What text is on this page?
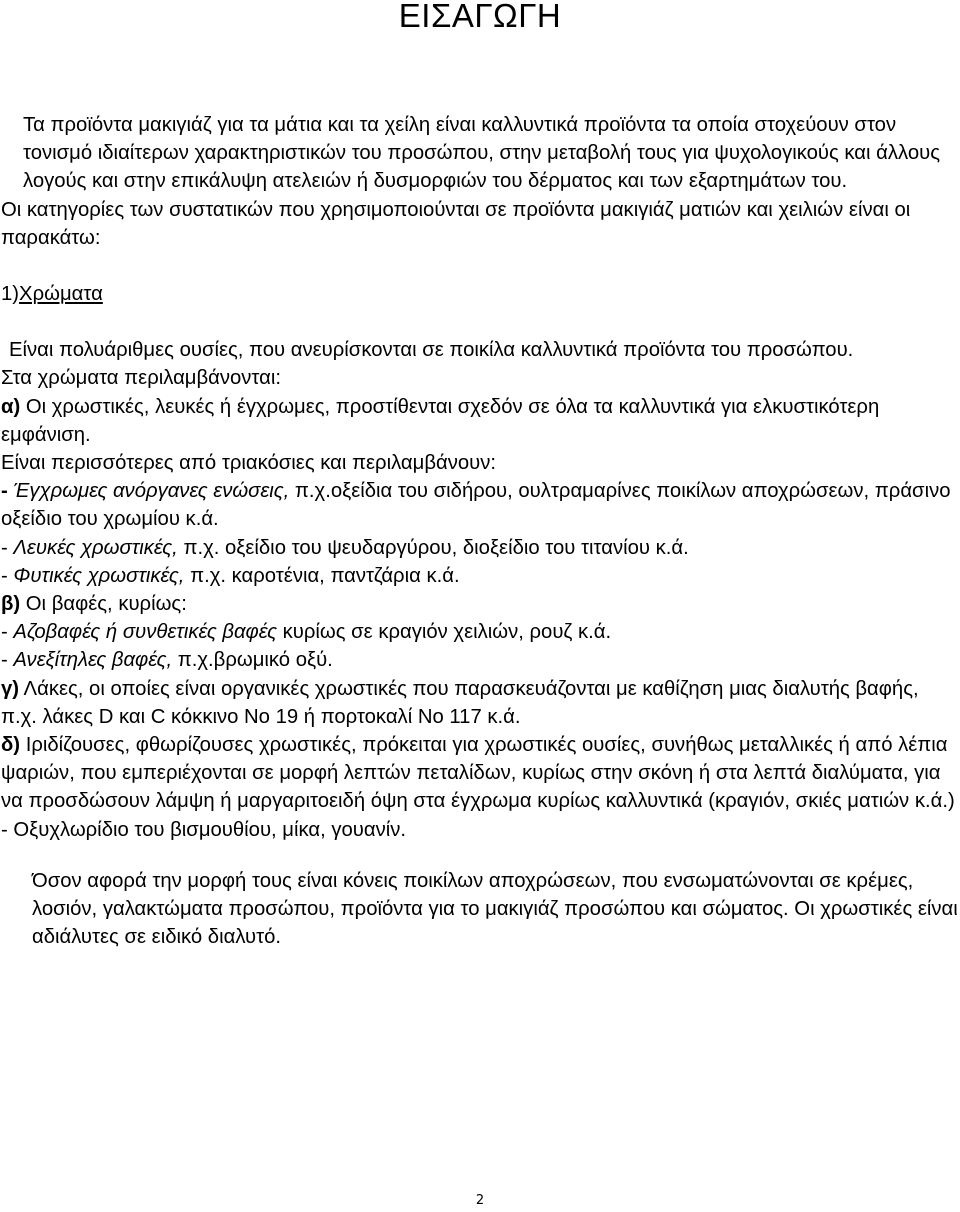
ΕΙΣΑΓΩΓΗ

Τα προϊόντα μακιγιάζ για τα μάτια και τα χείλη είναι καλλυντικά προϊόντα τα οποία στοχεύουν στον τονισμό ιδιαίτερων χαρακτηριστικών του προσώπου, στην μεταβολή τους για ψυχολογικούς και άλλους λογούς και στην επικάλυψη ατελειών ή δυσμορφιών του δέρματος και των εξαρτημάτων του.

Οι κατηγορίες των συστατικών που χρησιμοποιούνται σε προϊόντα μακιγιάζ ματιών και χειλιών είναι οι παρακάτω:

1)Χρώματα

Είναι πολυάριθμες ουσίες, που ανευρίσκονται σε ποικίλα καλλυντικά προϊόντα του προσώπου.

Στα χρώματα περιλαμβάνονται:

α) Οι χρωστικές, λευκές ή έγχρωμες, προστίθενται σχεδόν σε όλα τα καλλυντικά για ελκυστικότερη εμφάνιση.

Είναι περισσότερες από τριακόσιες και περιλαμβάνουν:

- Έγχρωμες ανόργανες ενώσεις, π.χ.οξείδια του σιδήρου, ουλτραμαρίνες ποικίλων αποχρώσεων, πράσινο οξείδιο του χρωμίου κ.ά.

- Λευκές χρωστικές, π.χ. οξείδιο του ψευδαργύρου, διοξείδιο του τιτανίου κ.ά.

- Φυτικές χρωστικές, π.χ. καροτένια, παντζάρια κ.ά.

β) Οι βαφές, κυρίως:

- Αζοβαφές ή συνθετικές βαφές κυρίως σε κραγιόν χειλιών, ρουζ κ.ά.

- Ανεξίτηλες βαφές, π.χ.βρωμικό οξύ.

γ) Λάκες, οι οποίες είναι οργανικές χρωστικές που παρασκευάζονται με καθίζηση μιας διαλυτής βαφής, π.χ. λάκες D και C κόκκινο No 19 ή πορτοκαλί No 117 κ.ά.

δ) Ιριδίζουσες, φθωρίζουσες χρωστικές, πρόκειται για χρωστικές ουσίες, συνήθως μεταλλικές ή από λέπια ψαριών, που εμπεριέχονται σε μορφή λεπτών πεταλίδων, κυρίως στην σκόνη ή στα λεπτά διαλύματα, για να προσδώσουν λάμψη ή μαργαριτοειδή όψη στα έγχρωμα κυρίως καλλυντικά (κραγιόν, σκιές ματιών κ.ά.)

- Οξυχλωρίδιο του βισμουθίου, μίκα, γουανίν.

Όσον αφορά την μορφή τους είναι κόνεις ποικίλων αποχρώσεων, που ενσωματώνονται σε κρέμες, λοσιόν, γαλακτώματα προσώπου, προϊόντα για το μακιγιάζ προσώπου και σώματος. Οι χρωστικές είναι αδιάλυτες σε ειδικό διαλυτό.

2
